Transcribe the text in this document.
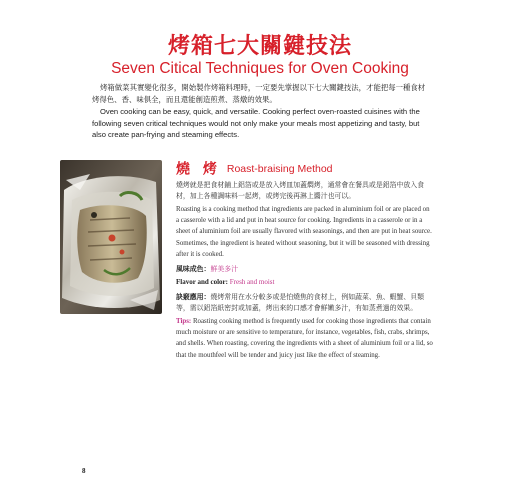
烤箱七大關鍵技法
Seven Citical Techniques for Oven Cooking

烤箱做菜其實變化很多，開始製作烤箱料理時，一定要先掌握以下七大關鍵技法，才能把每一種食材烤得色、香、味俱全，而且還能創造煎煮、蒸燉的效果。

Oven cooking can be easy, quick, and versatile. Cooking perfect oven-roasted cuisines with the following seven critical techniques would not only make your meals most appetizing and tasty, but also create pan-frying and steaming effects.

燒 烤 Roast-braising Method

燒烤就是把食材鋪上鋁箔或是放入烤皿加蓋燜烤，通常會在餐具或是鋁箔中放入食材，加上各種調味料一起烤，或烤完後再淋上醬汁也可以。

Roasting is a cooking method that ingredients are packed in aluminium foil or are placed on a casserole with a lid and put in heat source for cooking. Ingredients in a casserole or in a sheet of aluminium foil are usually flavored with seasonings, and then are put in heat source. Sometimes, the ingredient is heated without seasoning, but it will be seasoned with dressing after it is cooked.

風味成色：鮮美多汁

Flavor and color: Fresh and moist

訣竅應用：燒烤常用在水分較多或是怕燒焦的食材上，例如蔬菜、魚、蝦蟹、貝類等，需以鋁箔紙密封或加蓋，烤出來的口感才會鮮嫩多汁，有如蒸煮過的效果。

Tips: Roasting cooking method is frequently used for cooking those ingredients that contain much moisture or are sensitive to temperature, for instance, vegetables, fish, crabs, shrimps, and shells. When roasting, covering the ingredients with a sheet of aluminium foil or a lid, so that the mouthfeel will be tender and juicy just like the effect of steaming.

8
